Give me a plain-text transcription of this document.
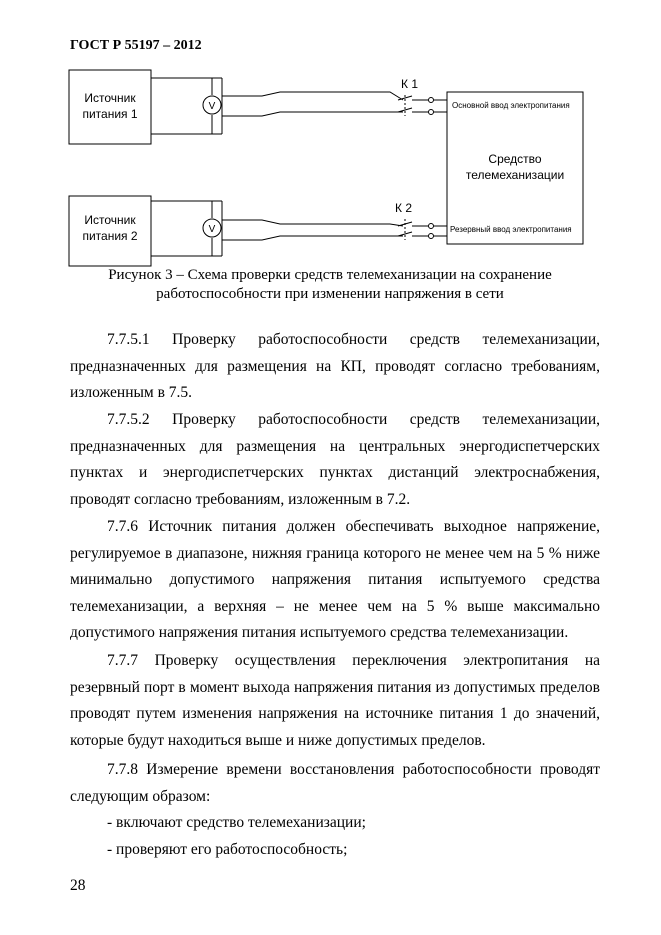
ГОСТ Р 55197 – 2012
Источник
питания 1
Источник
питания 2
Средство
телемеханизации
V
V
К 1
К 2
Основной ввод электропитания
Резервный ввод электропитания
Рисунок 3 – Схема проверки средств телемеханизации на сохранение
работоспособности при изменении напряжения в сети

7.7.5.1 Проверку работоспособности средств телемеханизации, предназначенных для размещения на КП, проводят согласно требованиям, изложенным в 7.5.

7.7.5.2 Проверку работоспособности средств телемеханизации, предназначенных для размещения на центральных энергодиспетчерских пунктах и энергодиспетчерских пунктах дистанций электроснабжения, проводят согласно требованиям, изложенным в 7.2.

7.7.6 Источник питания должен обеспечивать выходное напряжение, регулируемое в диапазоне, нижняя граница которого не менее чем на 5 % ниже минимально допустимого напряжения питания испытуемого средства телемеханизации, а верхняя – не менее чем на 5 % выше максимально допустимого напряжения питания испытуемого средства телемеханизации.

7.7.7 Проверку осуществления переключения электропитания на резервный порт в момент выхода напряжения питания из допустимых пределов проводят путем изменения напряжения на источнике питания 1 до значений, которые будут находиться выше и ниже допустимых пределов.

7.7.8 Измерение времени восстановления работоспособности проводят следующим образом:

- включают средство телемеханизации;
- проверяют его работоспособность;
28
